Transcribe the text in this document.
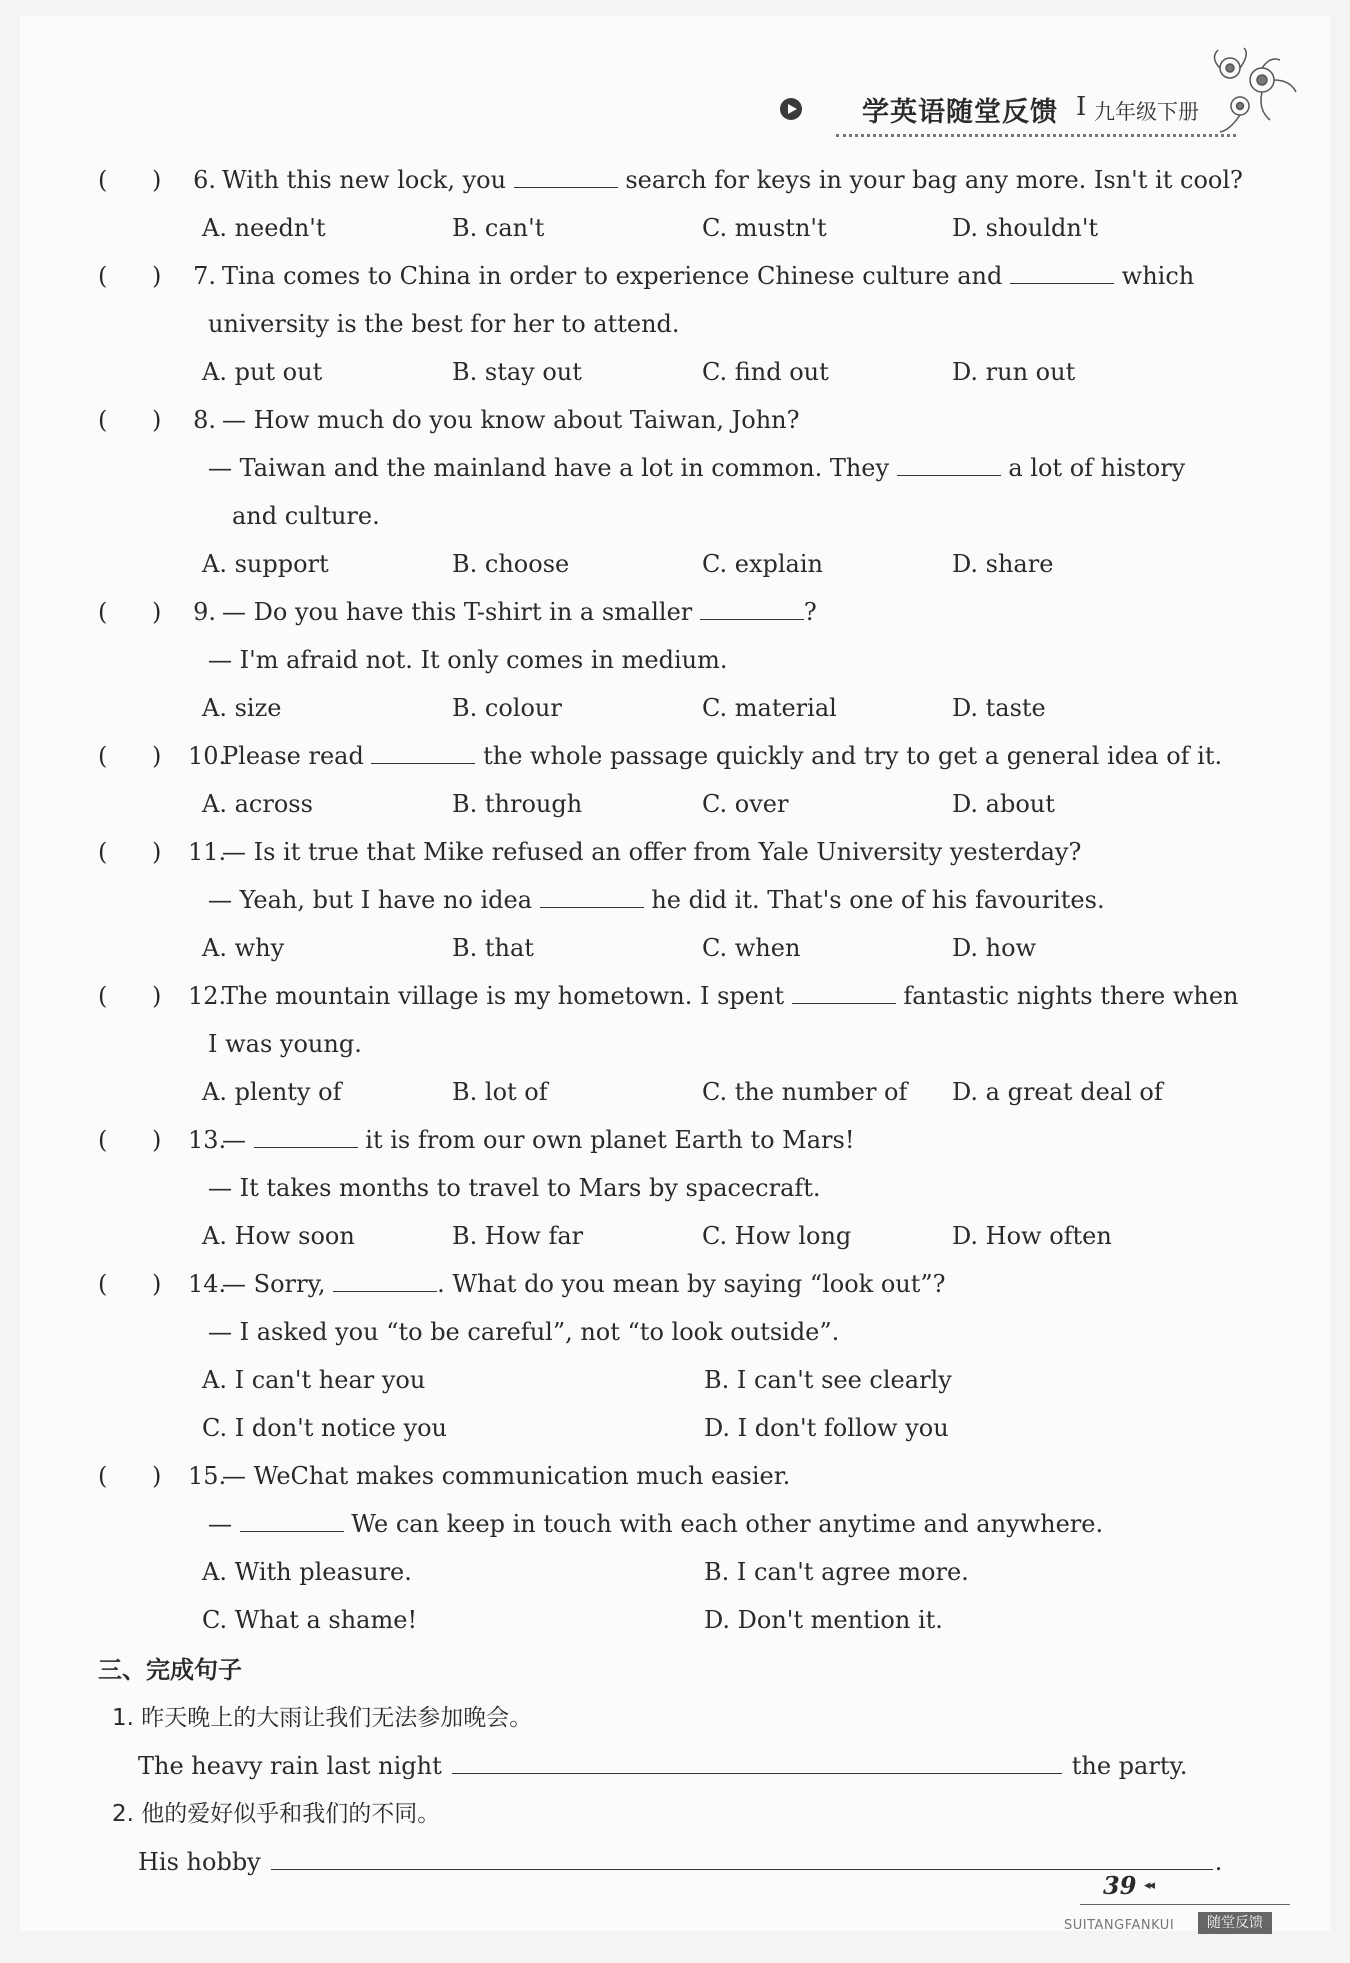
学英语随堂反馈 I 九年级下册
( ) 6. With this new lock, you	search for keys in your bag any more. Isn't it cool?
A. needn't	B. can't	C. mustn't	D. shouldn't
( ) 7. Tina comes to China in order to experience Chinese culture and	which
university is the best for her to attend.
A. put out	B. stay out	C. find out	D. run out
( ) 8. — How much do you know about Taiwan, John?
— Taiwan and the mainland have a lot in common. They	a lot of history
and culture.
A. support	B. choose	C. explain	D. share
( ) 9. — Do you have this T-shirt in a smaller	?
— I'm afraid not. It only comes in medium.
A. size	B. colour	C. material	D. taste
( ) 10.
Please read	the whole passage quickly and try to get a general idea of it.
A. across	B. through	C. over	D. about
( ) 11.
— Is it true that Mike refused an offer from Yale University yesterday?
— Yeah, but I have no idea	he did it. That's one of his favourites.
A. why	B. that	C. when	D. how
( ) 12.
The mountain village is my hometown. I spent	fantastic nights there when
I was young.
A. plenty of	B. lot of	C. the number of	D. a great deal of
( ) 13.
—	it is from our own planet Earth to Mars!
— It takes months to travel to Mars by spacecraft.
A. How soon	B. How far	C. How long	D. How often
( ) 14.
— Sorry,	. What do you mean by saying “look out”?
— I asked you “to be careful”, not “to look outside”.
A. I can't hear you	B. I can't see clearly
C. I don't notice you	D. I don't follow you
( ) 15.
— WeChat makes communication much easier.
—	We can keep in touch with each other anytime and anywhere.
A. With pleasure.	B. I can't agree more.
C. What a shame!	D. Don't mention it.
三、完成句子
1. 昨天晚上的大雨让我们无法参加晚会。
The heavy rain last night	the party.
2. 他的爱好似乎和我们的不同。
His hobby	.
39 ◂◂
SUITANGFANKUI	随堂反馈
